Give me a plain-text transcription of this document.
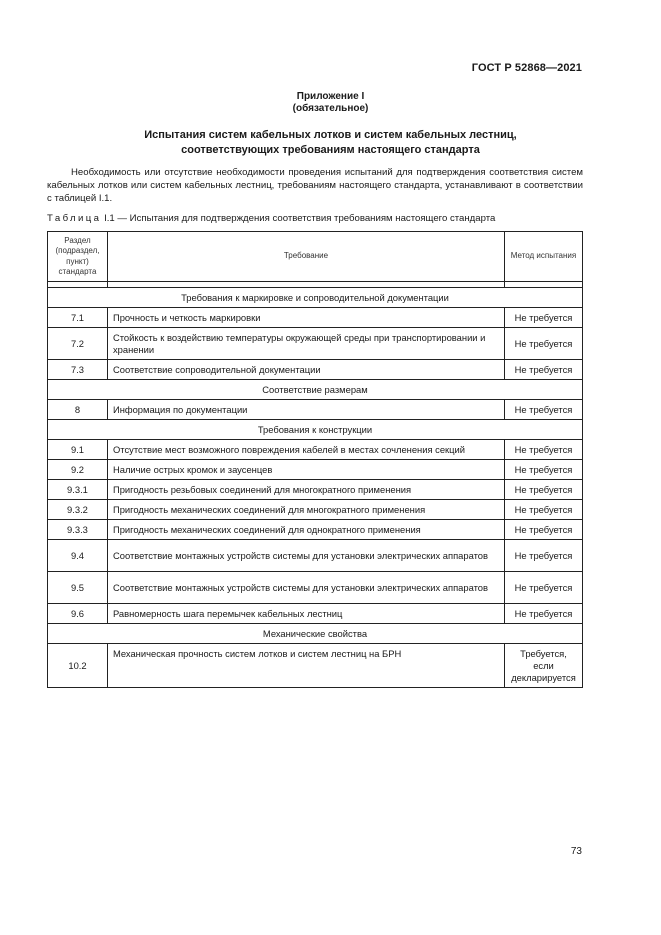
ГОСТ Р 52868—2021
Приложение I
(обязательное)
Испытания систем кабельных лотков и систем кабельных лестниц,
соответствующих требованиям настоящего стандарта

Необходимость или отсутствие необходимости проведения испытаний для подтверждения соответствия систем кабельных лотков или систем кабельных лестниц, требованиям настоящего стандарта, устанавливают в соответствии с таблицей I.1.

Таблица I.1 — Испытания для подтверждения соответствия требованиям настоящего стандарта
Раздел (подраздел, пункт) стандарта	Требование	Метод испытания

Требования к маркировке и сопроводительной документации		
7.1	Прочность и четкость маркировки	Не требуется
7.2	Стойкость к воздействию температуры окружающей среды при транспортировании и хранении	Не требуется
7.3	Соответствие сопроводительной документации	Не требуется
Соответствие размерам		
8	Информация по документации	Не требуется
Требования к конструкции		
9.1	Отсутствие мест возможного повреждения кабелей в местах сочленения секций	Не требуется
9.2	Наличие острых кромок и заусенцев	Не требуется
9.3.1	Пригодность резьбовых соединений для многократного применения	Не требуется
9.3.2	Пригодность механических соединений для многократного применения	Не требуется
9.3.3	Пригодность механических соединений для однократного применения	Не требуется
9.4	Соответствие монтажных устройств системы для установки электрических аппаратов	Не требуется
9.5	Соответствие монтажных устройств системы для установки электрических аппаратов	Не требуется
9.6	Равномерность шага перемычек кабельных лестниц	Не требуется
Механические свойства		
10.2	Механическая прочность систем лотков и систем лестниц на БРН	Требуется, если декларируется
73
